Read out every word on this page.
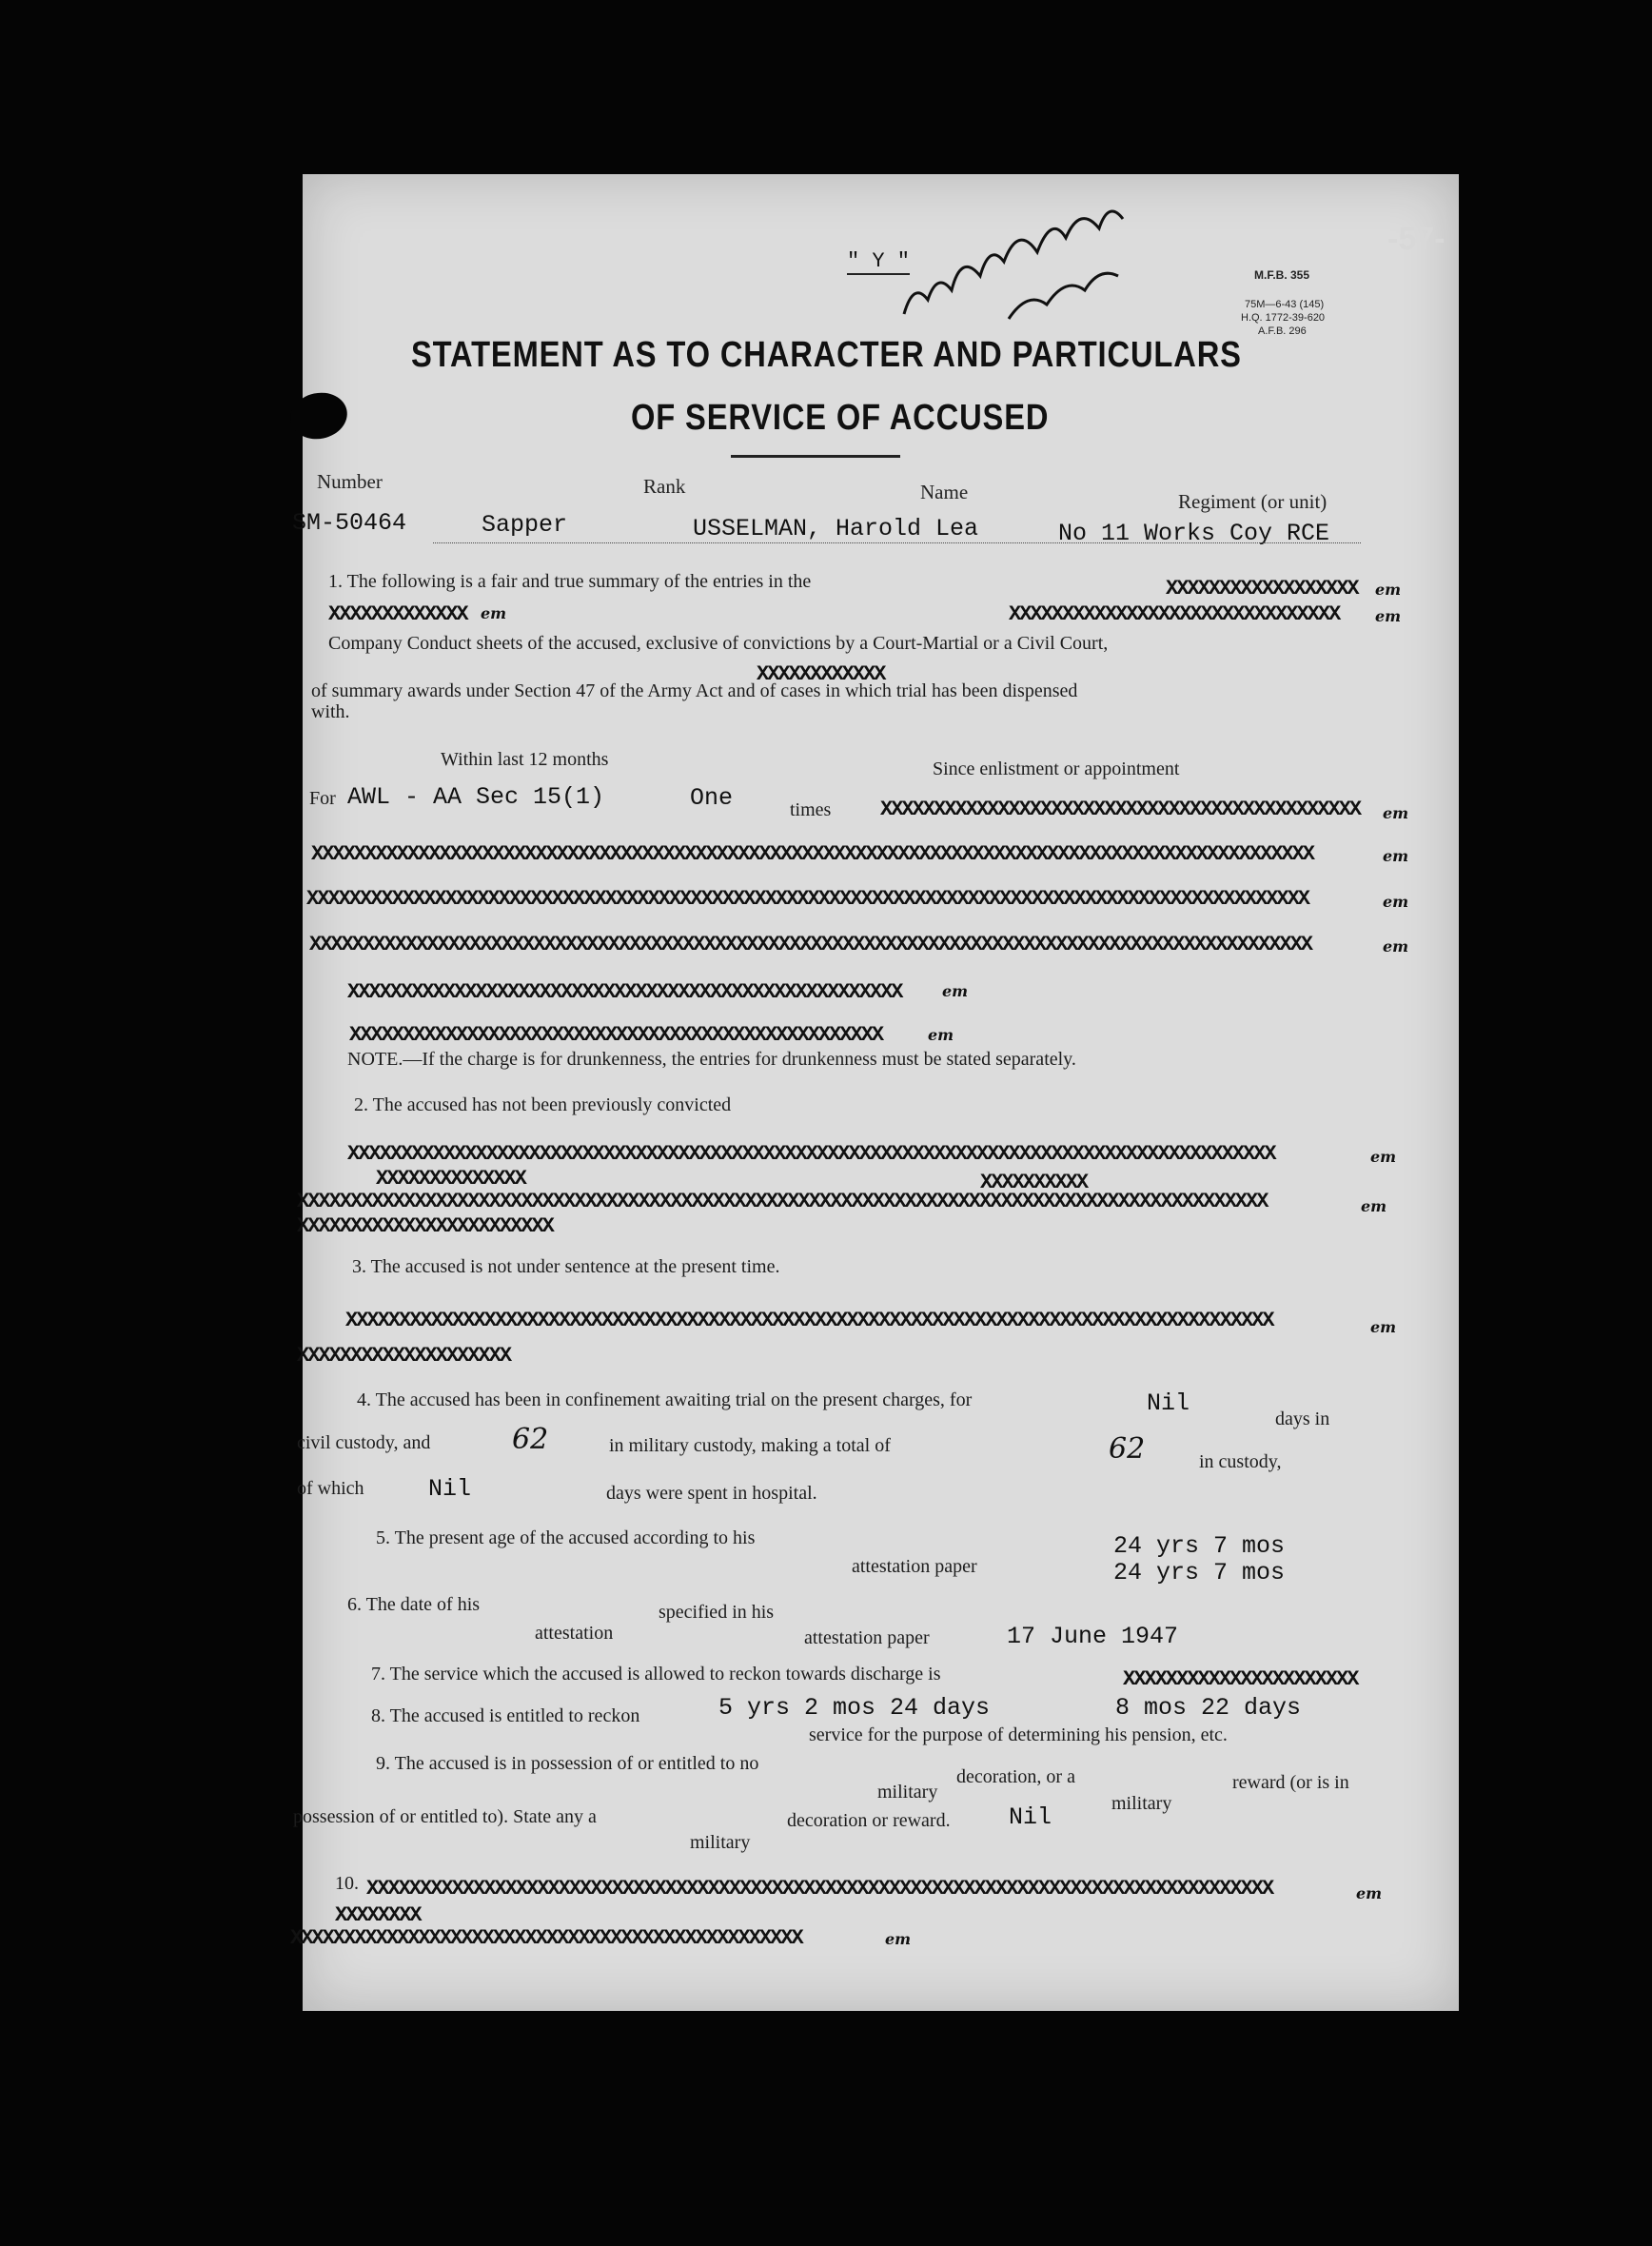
-57-
" Y "
M.F.B. 355
75M—6-43 (145)
H.Q. 1772-39-620
A.F.B. 296
STATEMENT AS TO CHARACTER AND PARTICULARS
OF SERVICE OF ACCUSED
Number	Rank	Name	Regiment (or unit)
SM-50464	Sapper	USSELMAN, Harold Lea	No 11 Works Coy RCE
1. The following is a fair and true summary of the entries in the	XXXXXXXXXXXXXXXXXX	em
XXXXXXXXXXXXX em	XXXXXXXXXXXXXXXXXXXXXXXXXXXXXXX	em
Company Conduct sheets of the accused, exclusive of convictions by a Court-Martial or a Civil Court,
XXXXXXXXXXXX
of summary awards under Section 47 of the Army Act and of cases in which trial has been dispensed
with.
Within last 12 months	Since enlistment or appointment
For AWL - AA Sec 15(1)	One	times XXXXXXXXXXXXXXXXXXXXXXXXXXXXXXXXXXXXXXXXXXXXX	em
XXXXXXXXXXXXXXXXXXXXXXXXXXXXXXXXXXXXXXXXXXXXXXXXXXXXXXXXXXXXXXXXXXXXXXXXXXXXXXXXXXXXXXXXXXXXXX	em
XXXXXXXXXXXXXXXXXXXXXXXXXXXXXXXXXXXXXXXXXXXXXXXXXXXXXXXXXXXXXXXXXXXXXXXXXXXXXXXXXXXXXXXXXXXXXX	em
XXXXXXXXXXXXXXXXXXXXXXXXXXXXXXXXXXXXXXXXXXXXXXXXXXXXXXXXXXXXXXXXXXXXXXXXXXXXXXXXXXXXXXXXXXXXXX	em
XXXXXXXXXXXXXXXXXXXXXXXXXXXXXXXXXXXXXXXXXXXXXXXXXXXX	em
XXXXXXXXXXXXXXXXXXXXXXXXXXXXXXXXXXXXXXXXXXXXXXXXXX	em
NOTE.—If the charge is for drunkenness, the entries for drunkenness must be stated separately.
2. The accused has not been previously convicted
XXXXXXXXXXXXXXXXXXXXXXXXXXXXXXXXXXXXXXXXXXXXXXXXXXXXXXXXXXXXXXXXXXXXXXXXXXXXXXXXXXXXXXX	em
XXXXXXXXXXXXXX	XXXXXXXXXX
XXXXXXXXXXXXXXXXXXXXXXXXXXXXXXXXXXXXXXXXXXXXXXXXXXXXXXXXXXXXXXXXXXXXXXXXXXXXXXXXXXXXXXXXXXX	em
XXXXXXXXXXXXXXXXXXXXXXXX
3. The accused is not under sentence at the present time.
XXXXXXXXXXXXXXXXXXXXXXXXXXXXXXXXXXXXXXXXXXXXXXXXXXXXXXXXXXXXXXXXXXXXXXXXXXXXXXXXXXXXXXX	em
XXXXXXXXXXXXXXXXXXXX
4. The accused has been in confinement awaiting trial on the present charges, for	Nil
days in
civil custody, and	62	in military custody, making a total of	62	in custody,
of which	Nil	days were spent in hospital.
5. The present age of the accused according to his
attestation paper
24 yrs 7 mos
24 yrs 7 mos
6. The date of his
attestation
specified in his
attestation paper	17 June 1947
7. The service which the accused is allowed to reckon towards discharge is	XXXXXXXXXXXXXXXXXXXXXX
8 mos 22 days
8. The accused is entitled to reckon	5 yrs 2 mos 24 days
service for the purpose of determining his pension, etc.
9. The accused is in possession of or entitled to no
military
decoration, or a	reward (or is in
military
possession of or entitled to). State any a	decoration or reward. Nil
military
10. XXXXXXXXXXXXXXXXXXXXXXXXXXXXXXXXXXXXXXXXXXXXXXXXXXXXXXXXXXXXXXXXXXXXXXXXXXXXXXXXXXXXX	em
XXXXXXXX
XXXXXXXXXXXXXXXXXXXXXXXXXXXXXXXXXXXXXXXXXXXXXXXX	em
